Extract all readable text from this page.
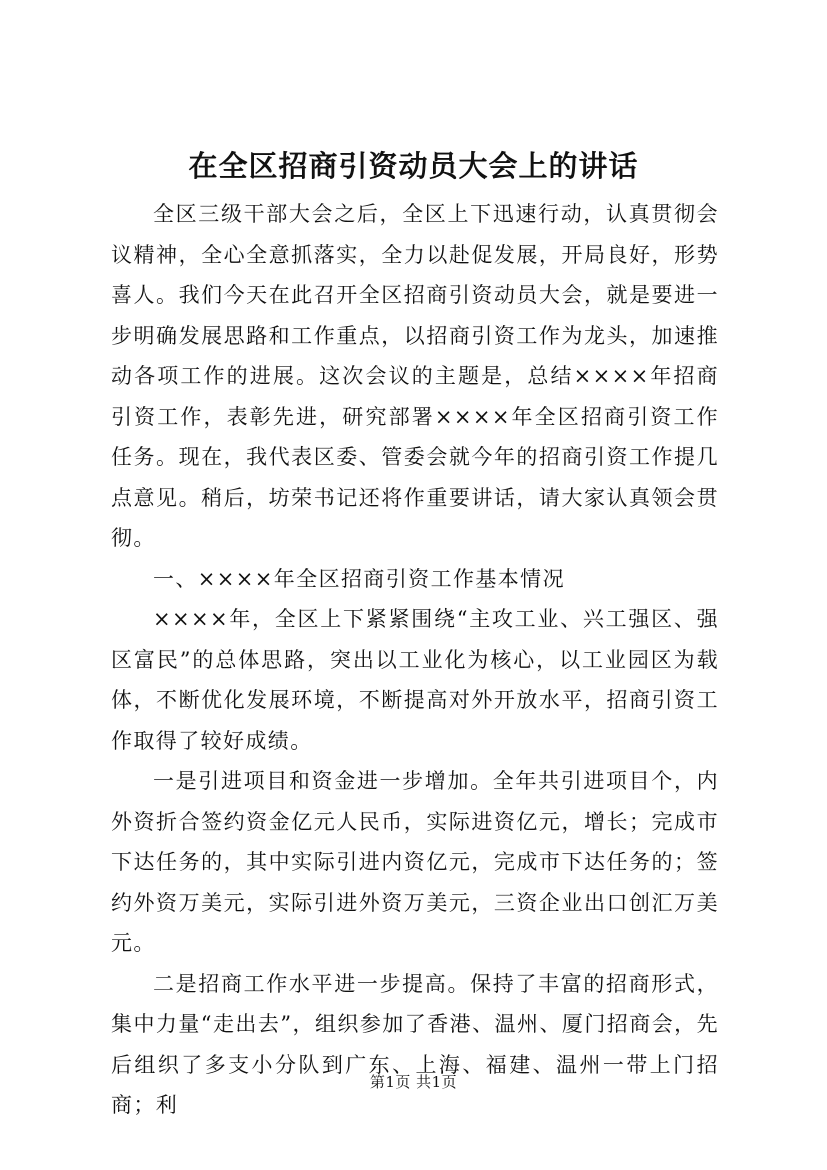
在全区招商引资动员大会上的讲话

全区三级干部大会之后，全区上下迅速行动，认真贯彻会议精神，全心全意抓落实，全力以赴促发展，开局良好，形势喜人。我们今天在此召开全区招商引资动员大会，就是要进一步明确发展思路和工作重点，以招商引资工作为龙头，加速推动各项工作的进展。这次会议的主题是，总结××××年招商引资工作，表彰先进，研究部署××××年全区招商引资工作任务。现在，我代表区委、管委会就今年的招商引资工作提几点意见。稍后，坊荣书记还将作重要讲话，请大家认真领会贯彻。

一、××××年全区招商引资工作基本情况

××××年，全区上下紧紧围绕“主攻工业、兴工强区、强区富民”的总体思路，突出以工业化为核心，以工业园区为载体，不断优化发展环境，不断提高对外开放水平，招商引资工作取得了较好成绩。

一是引进项目和资金进一步增加。全年共引进项目个，内外资折合签约资金亿元人民币，实际进资亿元，增长；完成市下达任务的，其中实际引进内资亿元，完成市下达任务的；签约外资万美元，实际引进外资万美元，三资企业出口创汇万美元。

二是招商工作水平进一步提高。保持了丰富的招商形式，集中力量“走出去”，组织参加了香港、温州、厦门招商会，先后组织了多支小分队到广东、上海、福建、温州一带上门招商；利

第1页 共1页
